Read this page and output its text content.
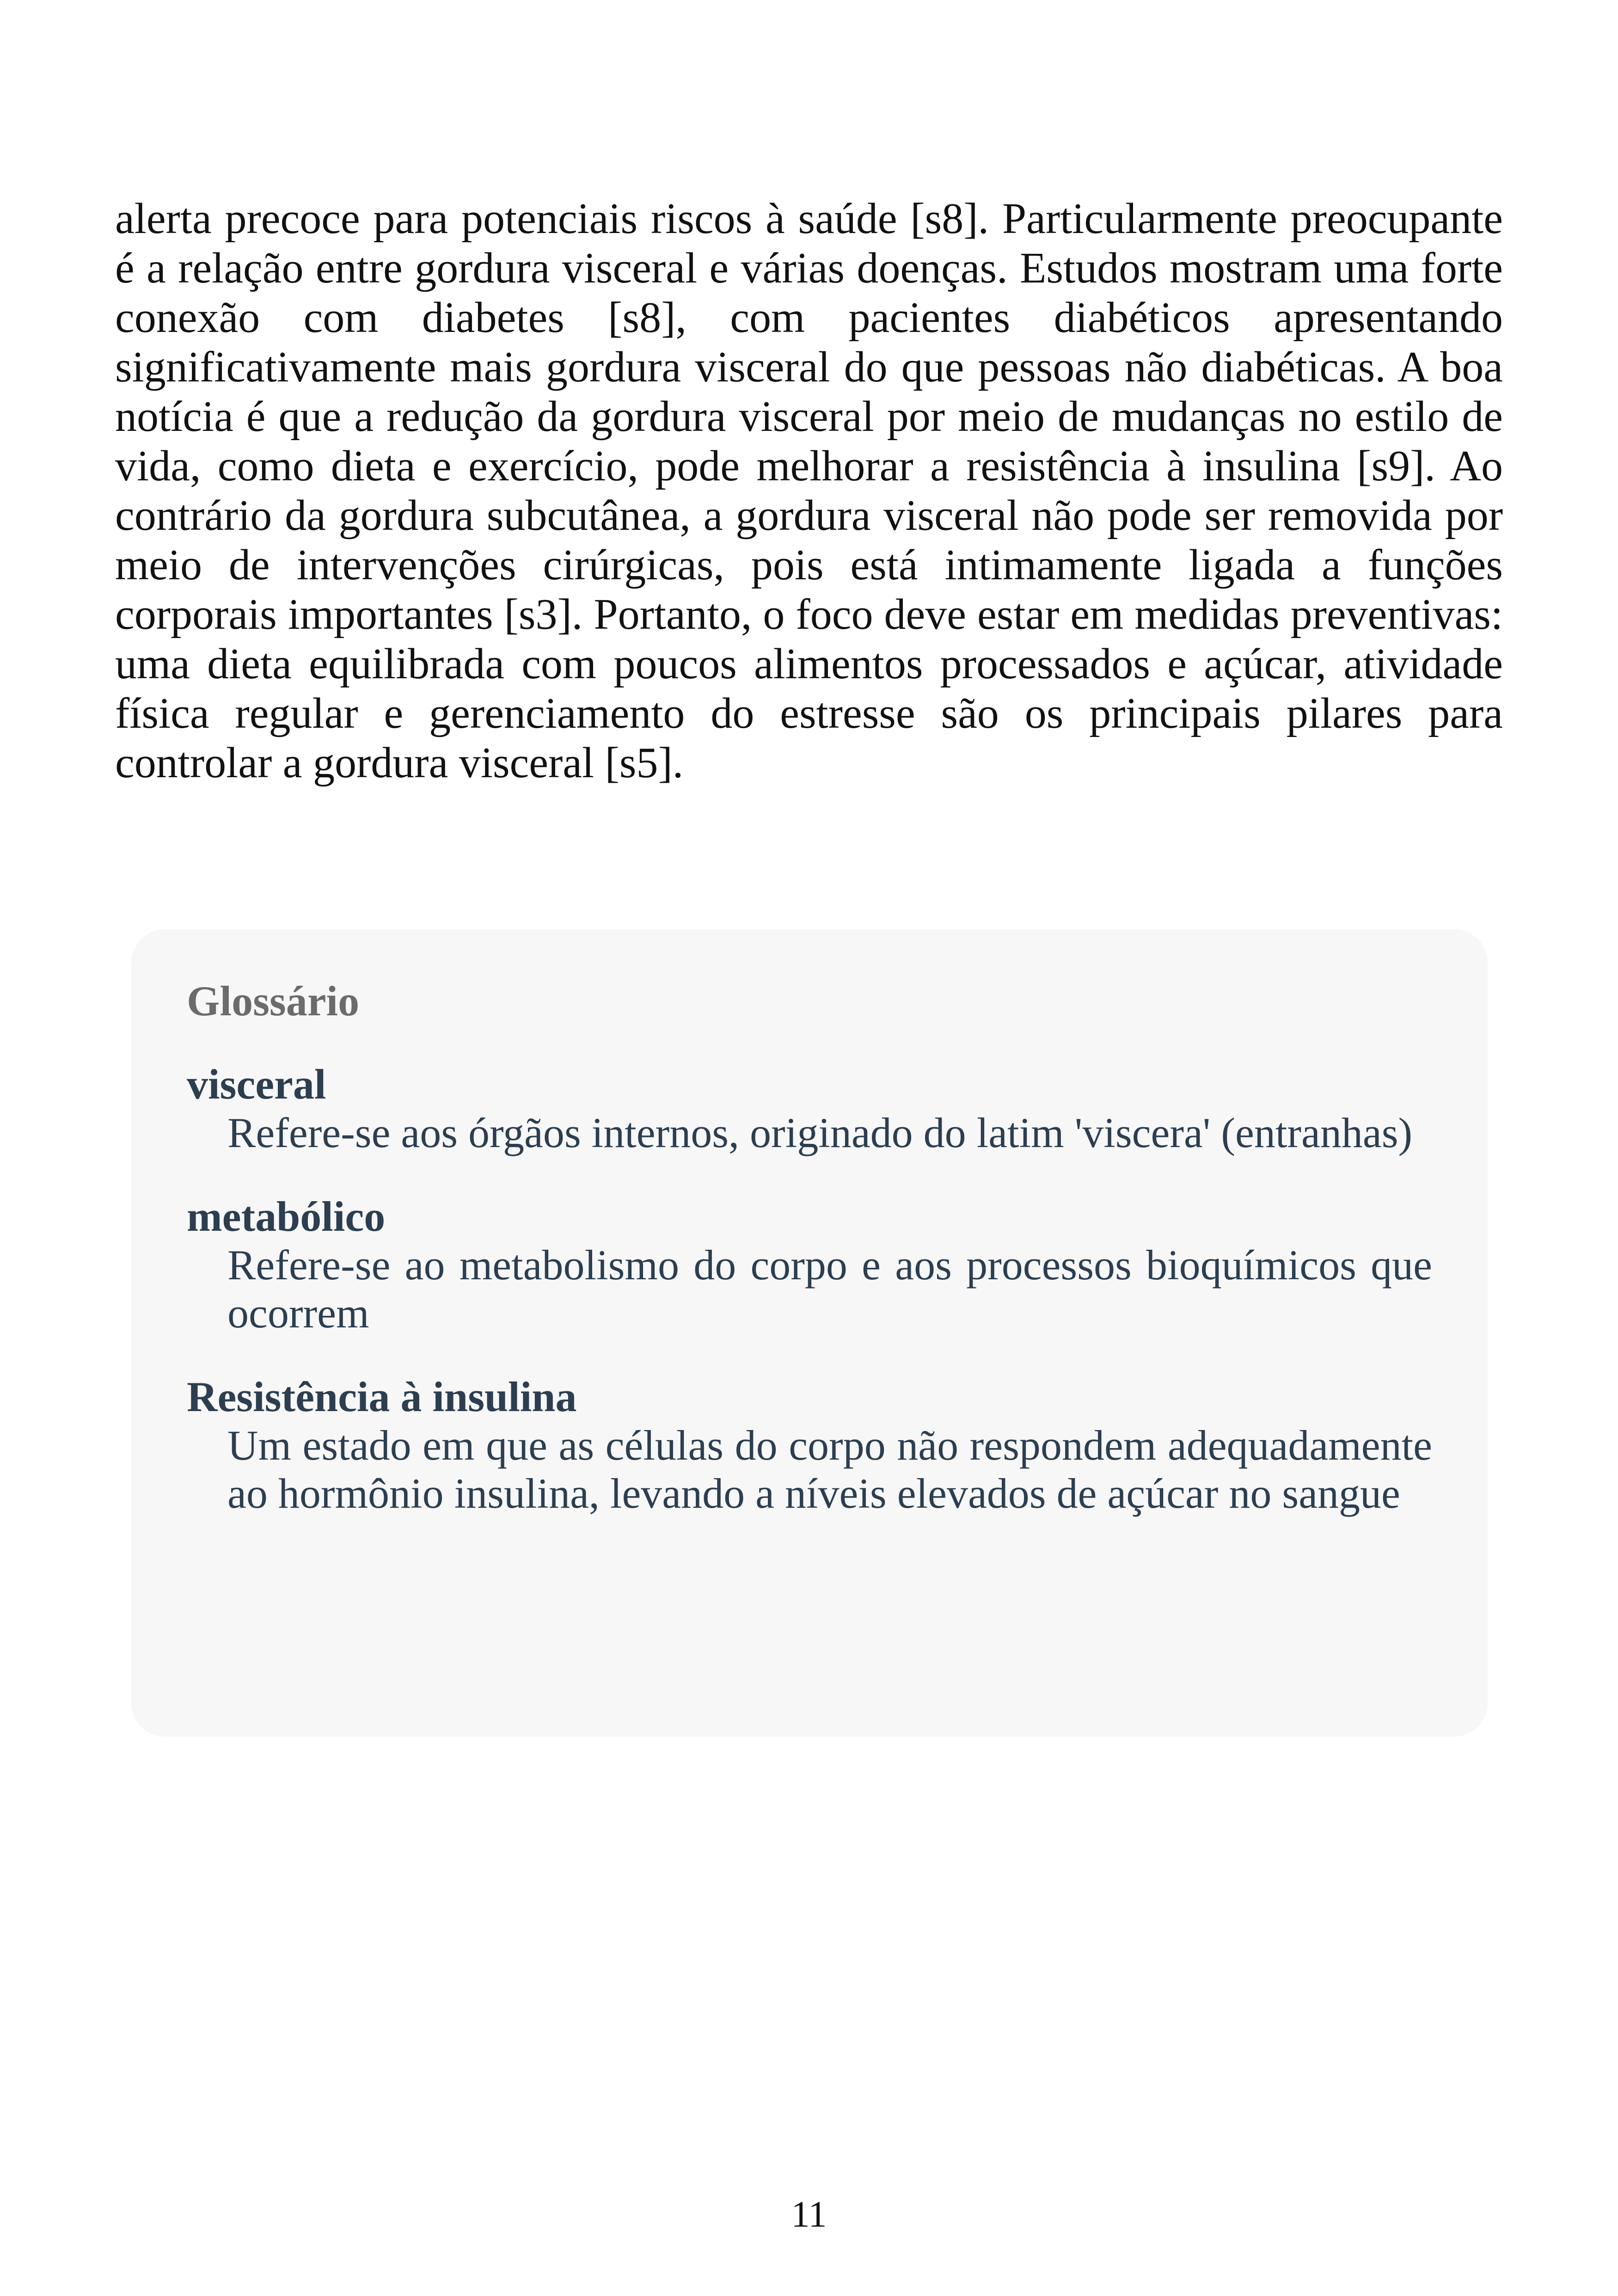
alerta precoce para potenciais riscos à saúde [s8]. Particularmente preocupante é a relação entre gordura visceral e várias doenças. Estudos mostram uma forte conexão com diabetes [s8], com pacientes diabéticos apresentando significativamente mais gordura visceral do que pessoas não diabéticas. A boa notícia é que a redução da gordura visceral por meio de mudanças no estilo de vida, como dieta e exercício, pode melhorar a resistência à insulina [s9]. Ao contrário da gordura subcutânea, a gordura visceral não pode ser removida por meio de intervenções cirúrgicas, pois está intimamente ligada a funções corporais importantes [s3]. Portanto, o foco deve estar em medidas preventivas: uma dieta equilibrada com poucos alimentos processados e açúcar, atividade física regular e gerenciamento do estresse são os principais pilares para controlar a gordura visceral [s5].

Glossário
visceral
Refere-se aos órgãos internos, originado do latim 'viscera' (entranhas)
metabólico
Refere-se ao metabolismo do corpo e aos processos bioquímicos que ocorrem
Resistência à insulina
Um estado em que as células do corpo não respondem adequadamente ao hormônio insulina, levando a níveis elevados de açúcar no sangue
11
